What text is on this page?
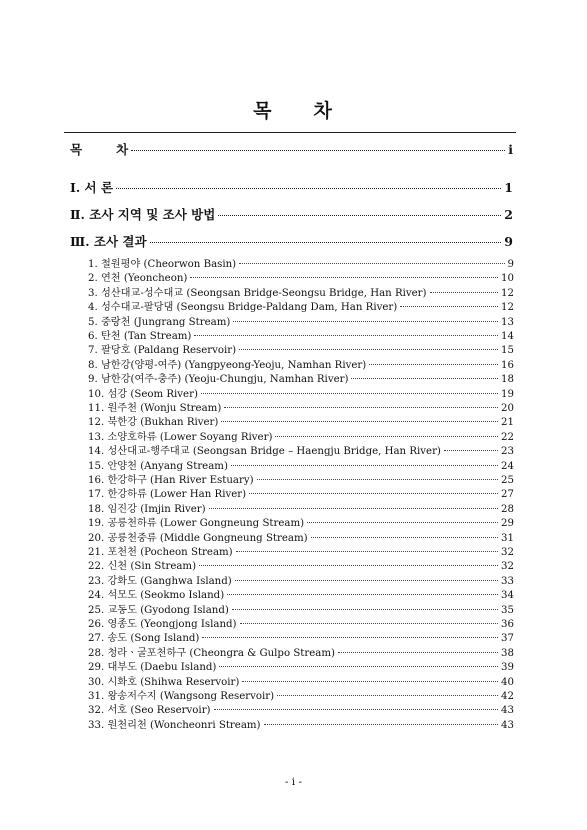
목 차
목	차	i
Ⅰ. 서 론	1
Ⅱ. 조사 지역 및 조사 방법	2
Ⅲ. 조사 결과	9
1. 철원평야 (Cheorwon Basin)	9
2. 연천 (Yeoncheon)	10
3. 성산대교-성수대교 (Seongsan Bridge-Seongsu Bridge, Han River)	12
4. 성수대교-팔당댐 (Seongsu Bridge-Paldang Dam, Han River)	12
5. 중랑천 (Jungrang Stream)	13
6. 탄천 (Tan Stream)	14
7. 팔당호 (Paldang Reservoir)	15
8. 남한강(양평-여주) (Yangpyeong-Yeoju, Namhan River)	16
9. 남한강(여주-충주) (Yeoju-Chungju, Namhan River)	18
10. 섬강 (Seom River)	19
11. 원주천 (Wonju Stream)	20
12. 북한강 (Bukhan River)	21
13. 소양호하류 (Lower Soyang River)	22
14. 성산대교-행주대교 (Seongsan Bridge – Haengju Bridge, Han River)	23
15. 안양천 (Anyang Stream)	24
16. 한강하구 (Han River Estuary)	25
17. 한강하류 (Lower Han River)	27
18. 임진강 (Imjin River)	28
19. 공릉천하류 (Lower Gongneung Stream)	29
20. 공릉천중류 (Middle Gongneung Stream)	31
21. 포천천 (Pocheon Stream)	32
22. 신천 (Sin Stream)	32
23. 강화도 (Ganghwa Island)	33
24. 석모도 (Seokmo Island)	34
25. 교동도 (Gyodong Island)	35
26. 영종도 (Yeongjong Island)	36
27. 송도 (Song Island)	37
28. 청라ㆍ굴포천하구 (Cheongra & Gulpo Stream)	38
29. 대부도 (Daebu Island)	39
30. 시화호 (Shihwa Reservoir)	40
31. 왕송저수지 (Wangsong Reservoir)	42
32. 서호 (Seo Reservoir)	43
33. 원천리천 (Woncheonri Stream)	43
- i -
